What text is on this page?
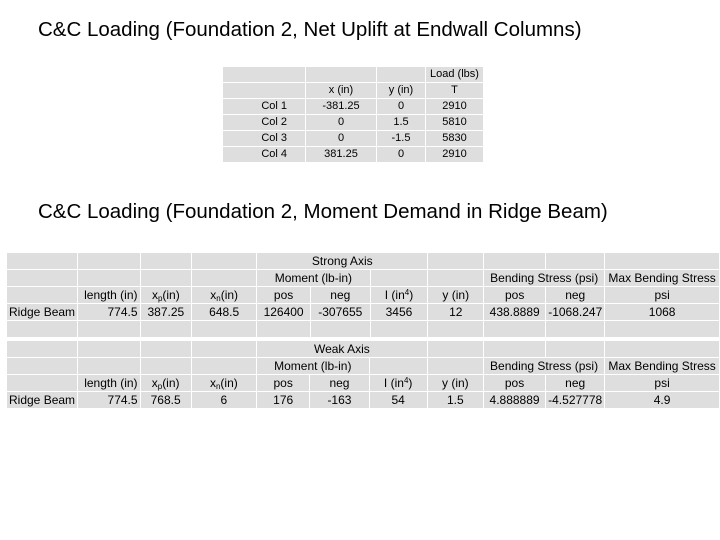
C&C Loading (Foundation 2, Net Uplift at Endwall Columns)
			Load (lbs)
	x (in)	y (in)	T
Col 1	-381.25	0	2910
Col 2	0	1.5	5810
Col 3	0	-1.5	5830
Col 4	381.25	0	2910
C&C Loading (Foundation 2, Moment Demand in Ridge Beam)
				Strong Axis						
				Moment (lb-in)				Bending Stress (psi)		Max Bending Stress
	length (in)	$x_p(in)$	$x_n(in)$	pos	neg	I $(in^4)$	y (in)	pos	neg	psi
Ridge Beam	774.5	387.25	648.5	126400	-307655	3456	12	438.8889	-1068.247	1068

				Weak Axis						
				Moment (lb-in)				Bending Stress (psi)		Max Bending Stress
	length (in)	$x_p(in)$	$x_n(in)$	pos	neg	I $(in^4)$	y (in)	pos	neg	psi
Ridge Beam	774.5	768.5	6	176	-163	54	1.5	4.888889	-4.527778	4.9
